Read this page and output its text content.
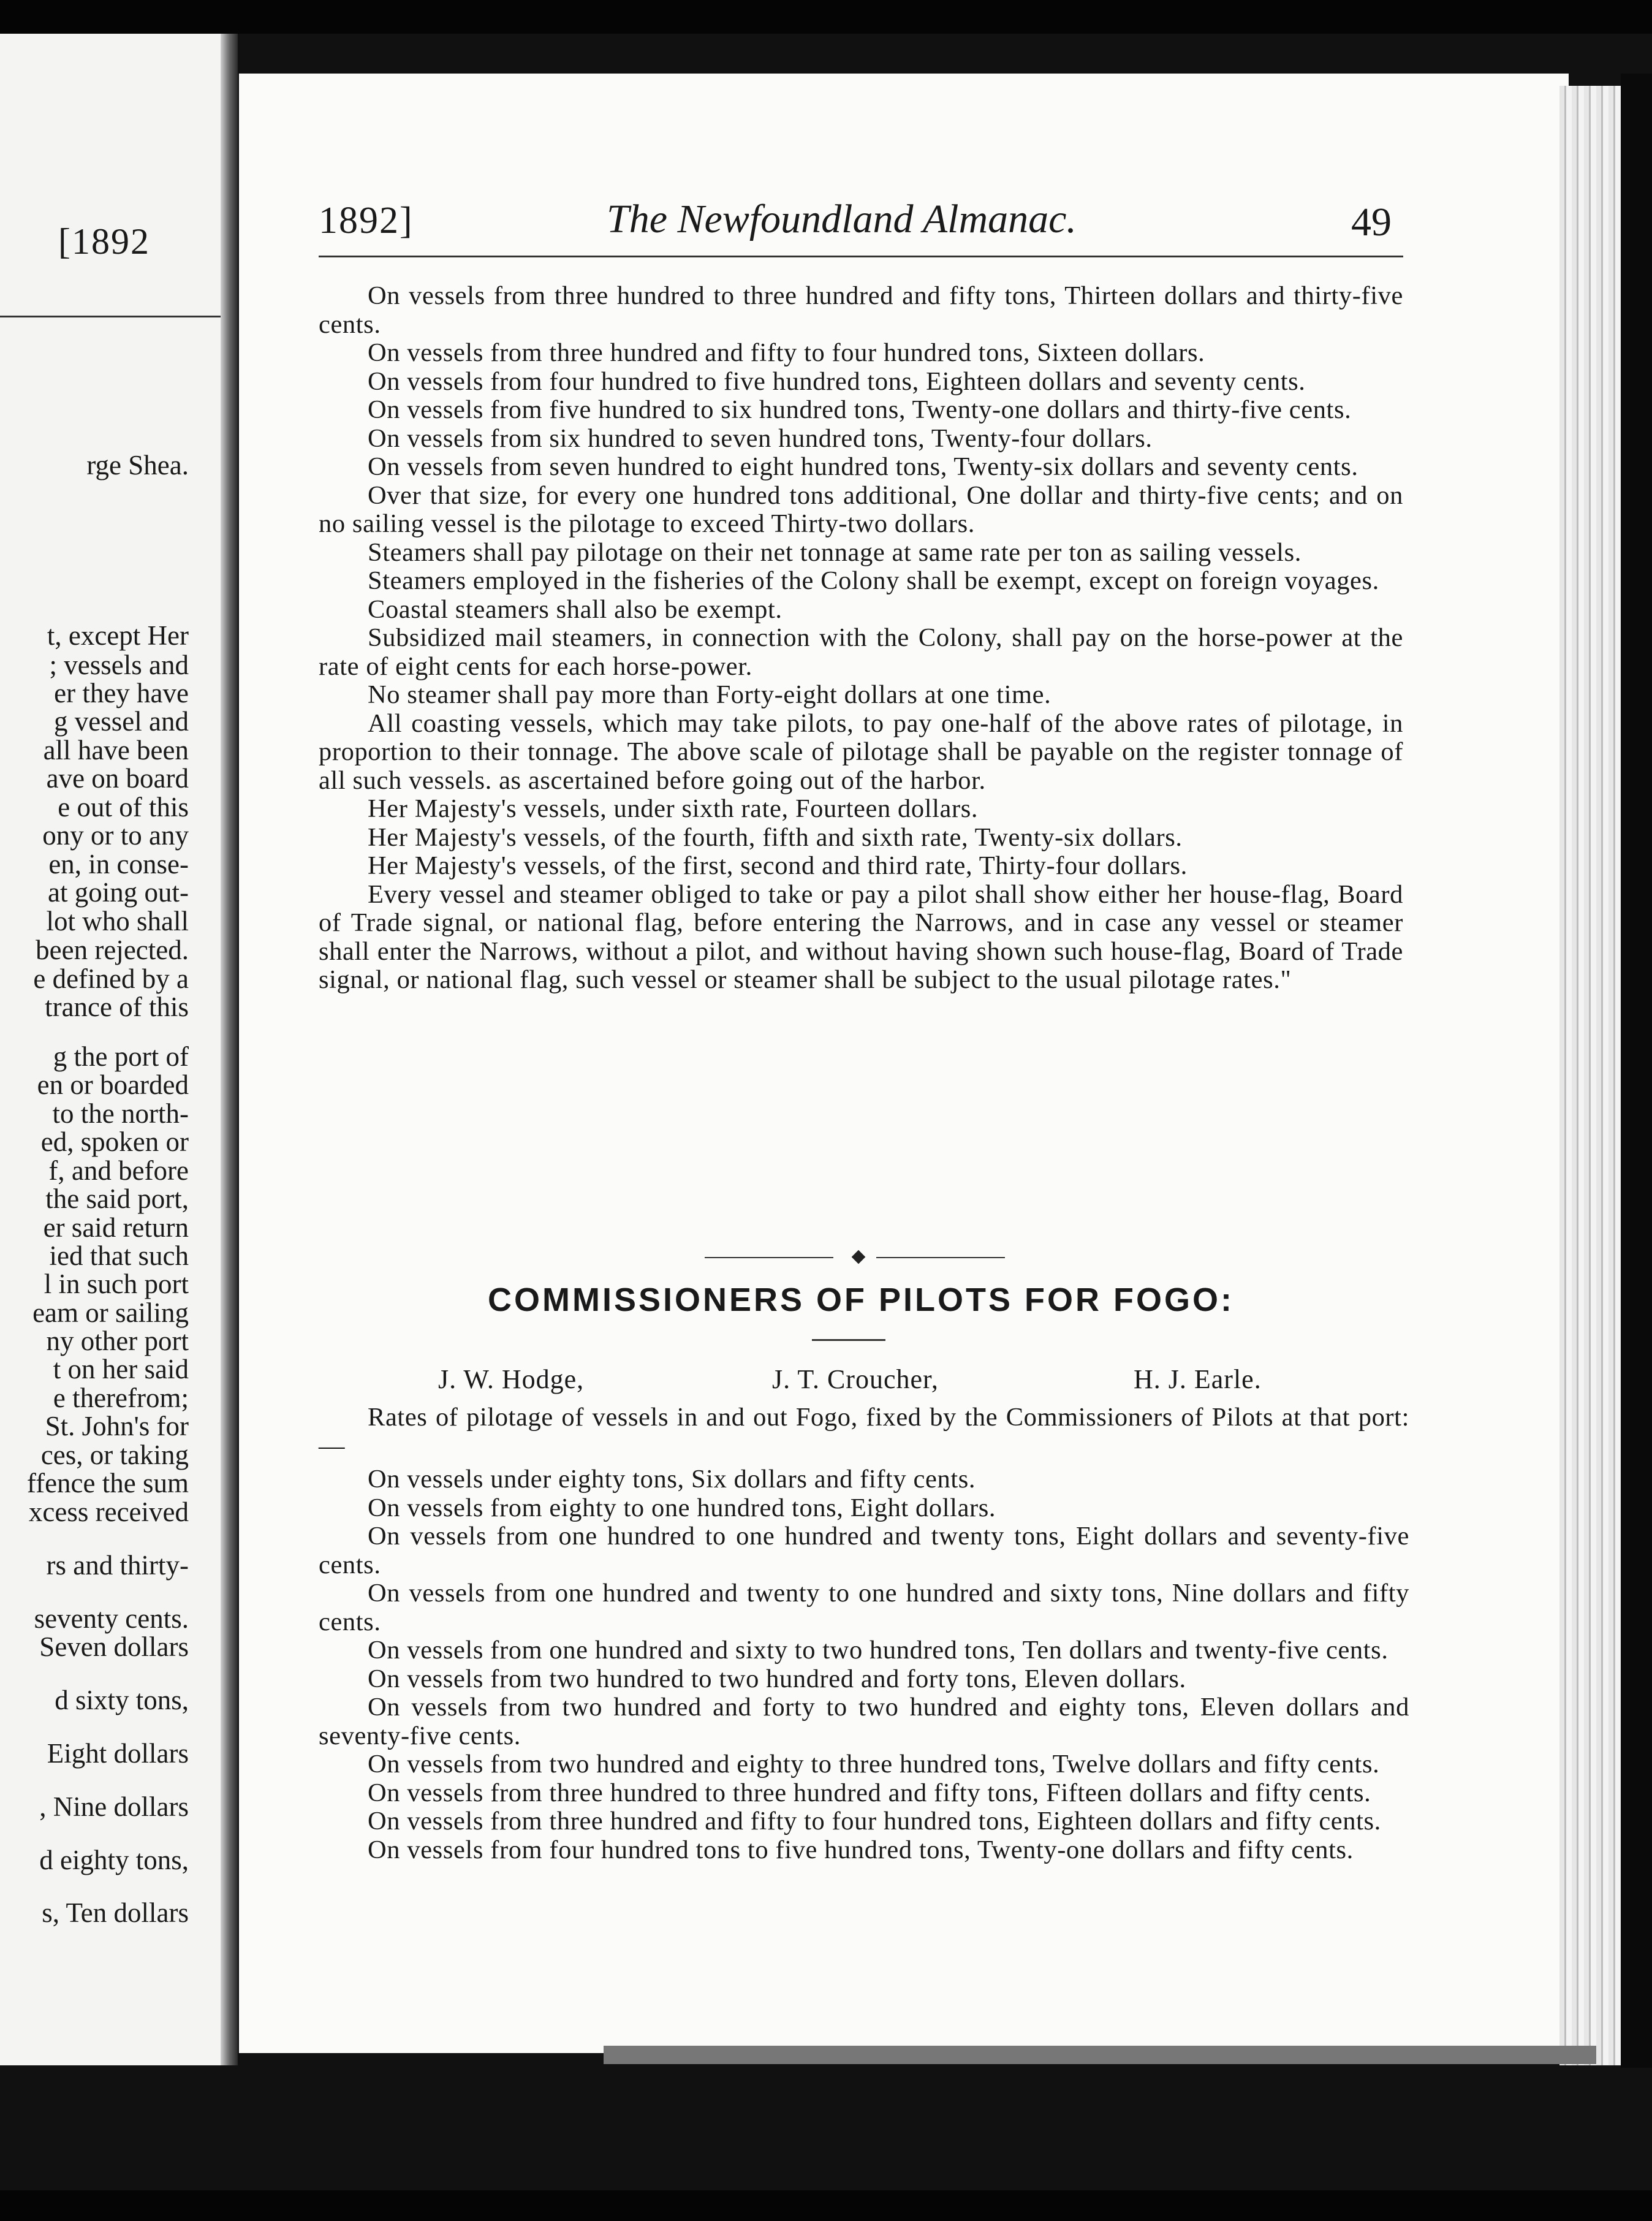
[1892
rge Shea.
t, except Her
; vessels and
er they have
g vessel and
all have been
ave on board
e out of this
ony or to any
en, in conse-
at going out-
lot who shall
been rejected.
e defined by a
trance of this
g the port of
en or boarded
to the north-
ed, spoken or
f, and before
the said port,
er said return
ied that such
l in such port
eam or sailing
ny other port
t on her said
e therefrom;
St. John's for
ces, or taking
ffence the sum
xcess received
rs and thirty-
seventy cents.
Seven dollars
d sixty tons,
Eight dollars
, Nine dollars
d eighty tons,
s, Ten dollars
1892]	The Newfoundland Almanac.	49

On vessels from three hundred to three hundred and fifty tons, Thirteen dollars and thirty-five cents.

On vessels from three hundred and fifty to four hundred tons, Sixteen dollars.

On vessels from four hundred to five hundred tons, Eighteen dollars and seventy cents.

On vessels from five hundred to six hundred tons, Twenty-one dollars and thirty-five cents.

On vessels from six hundred to seven hundred tons, Twenty-four dollars.

On vessels from seven hundred to eight hundred tons, Twenty-six dollars and seventy cents.

Over that size, for every one hundred tons additional, One dollar and thirty-five cents; and on no sailing vessel is the pilotage to exceed Thirty-two dollars.

Steamers shall pay pilotage on their net tonnage at same rate per ton as sailing vessels.

Steamers employed in the fisheries of the Colony shall be exempt, except on foreign voyages.

Coastal steamers shall also be exempt.

Subsidized mail steamers, in connection with the Colony, shall pay on the horse-power at the rate of eight cents for each horse-power.

No steamer shall pay more than Forty-eight dollars at one time.

All coasting vessels, which may take pilots, to pay one-half of the above rates of pilotage, in proportion to their tonnage. The above scale of pilotage shall be payable on the register tonnage of all such vessels. as ascertained before going out of the harbor.

Her Majesty's vessels, under sixth rate, Fourteen dollars.

Her Majesty's vessels, of the fourth, fifth and sixth rate, Twenty-six dollars.

Her Majesty's vessels, of the first, second and third rate, Thirty-four dollars.

Every vessel and steamer obliged to take or pay a pilot shall show either her house-flag, Board of Trade signal, or national flag, before entering the Narrows, and in case any vessel or steamer shall enter the Narrows, without a pilot, and without having shown such house-flag, Board of Trade signal, or national flag, such vessel or steamer shall be subject to the usual pilotage rates."

COMMISSIONERS OF PILOTS FOR FOGO:
J. W. Hodge,	J. T. Croucher,	H. J. Earle.

Rates of pilotage of vessels in and out Fogo, fixed by the Commissioners of Pilots at that port:—

On vessels under eighty tons, Six dollars and fifty cents.

On vessels from eighty to one hundred tons, Eight dollars.

On vessels from one hundred to one hundred and twenty tons, Eight dollars and seventy-five cents.

On vessels from one hundred and twenty to one hundred and sixty tons, Nine dollars and fifty cents.

On vessels from one hundred and sixty to two hundred tons, Ten dollars and twenty-five cents.

On vessels from two hundred to two hundred and forty tons, Eleven dollars.

On vessels from two hundred and forty to two hundred and eighty tons, Eleven dollars and seventy-five cents.

On vessels from two hundred and eighty to three hundred tons, Twelve dollars and fifty cents.

On vessels from three hundred to three hundred and fifty tons, Fifteen dollars and fifty cents.

On vessels from three hundred and fifty to four hundred tons, Eighteen dollars and fifty cents.

On vessels from four hundred tons to five hundred tons, Twenty-one dollars and fifty cents.
